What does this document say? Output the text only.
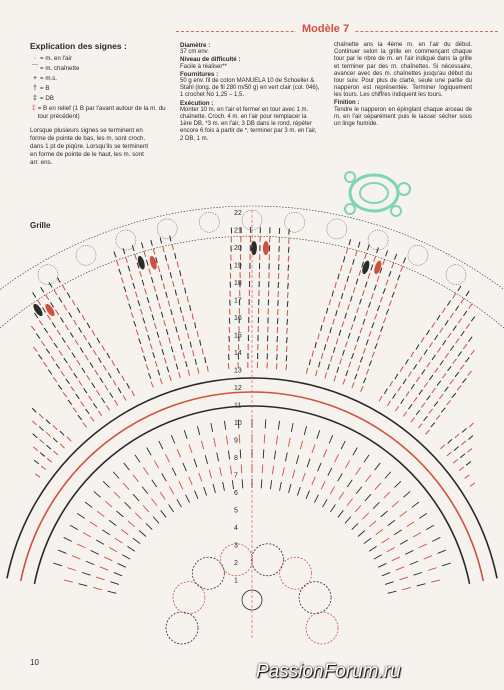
Modèle 7
Explication des signes :
· = m. en l'air
⌒ = m. chaînette
+ = m.s.
† = B
‡ = DB
‡ = B en relief (1 B par l'avant autour de la m. du tour précédent)

Lorsque plusieurs signes se terminent en forme de pointe de bas, les m. sont croch. dans 1 pt de piqûre. Lorsqu'ils se terminent en forme de pointe de le haut, les m. sont arr. ens.

Diamètre :

37 cm env.

Niveau de difficulté :

Facile à réaliser**

Fournitures :

50 g env. fil de coton MANUELA 10 de Schoeller & Stahl (long. de fil 280 m/50 g) en vert clair (col. 046), 1 crochet No 1,25 – 1,5.

Exécution :

Monter 10 m. en l'air et fermer en tour avec 1 m. chaînette. Croch. 4 m. en l'air pour remplacer la 1ère DB, *3 m. en l'air, 3 DB dans le rond, répéter encore 6 fois à partir de *, terminer par 3 m. en l'air, 2 DB, 1 m.

chaînette ans la 4ème m. en l'air du début. Continuer selon la grille en commençant chaque tour par le nbre de m. en l'air indiqué dans la grille et terminer par des m. chaînettes. Si nécessaire, avancer avec des m. chaînettes jusqu'au début du tour suiv. Pour plus de clarté, seule une partie du napperon est représentée. Terminer logiquement les tours. Les chiffres indiquent les tours.

Finition :

Tendre le napperon en épinglant chaque arceau de m. en l'air séparément puis le laisser sécher sous un linge humide.

Grille
22
21
20
19
18
17
16
15
14
13
12
11
10
9
8
7
6
5
4
3
2
1
10	PassionForum.ru
